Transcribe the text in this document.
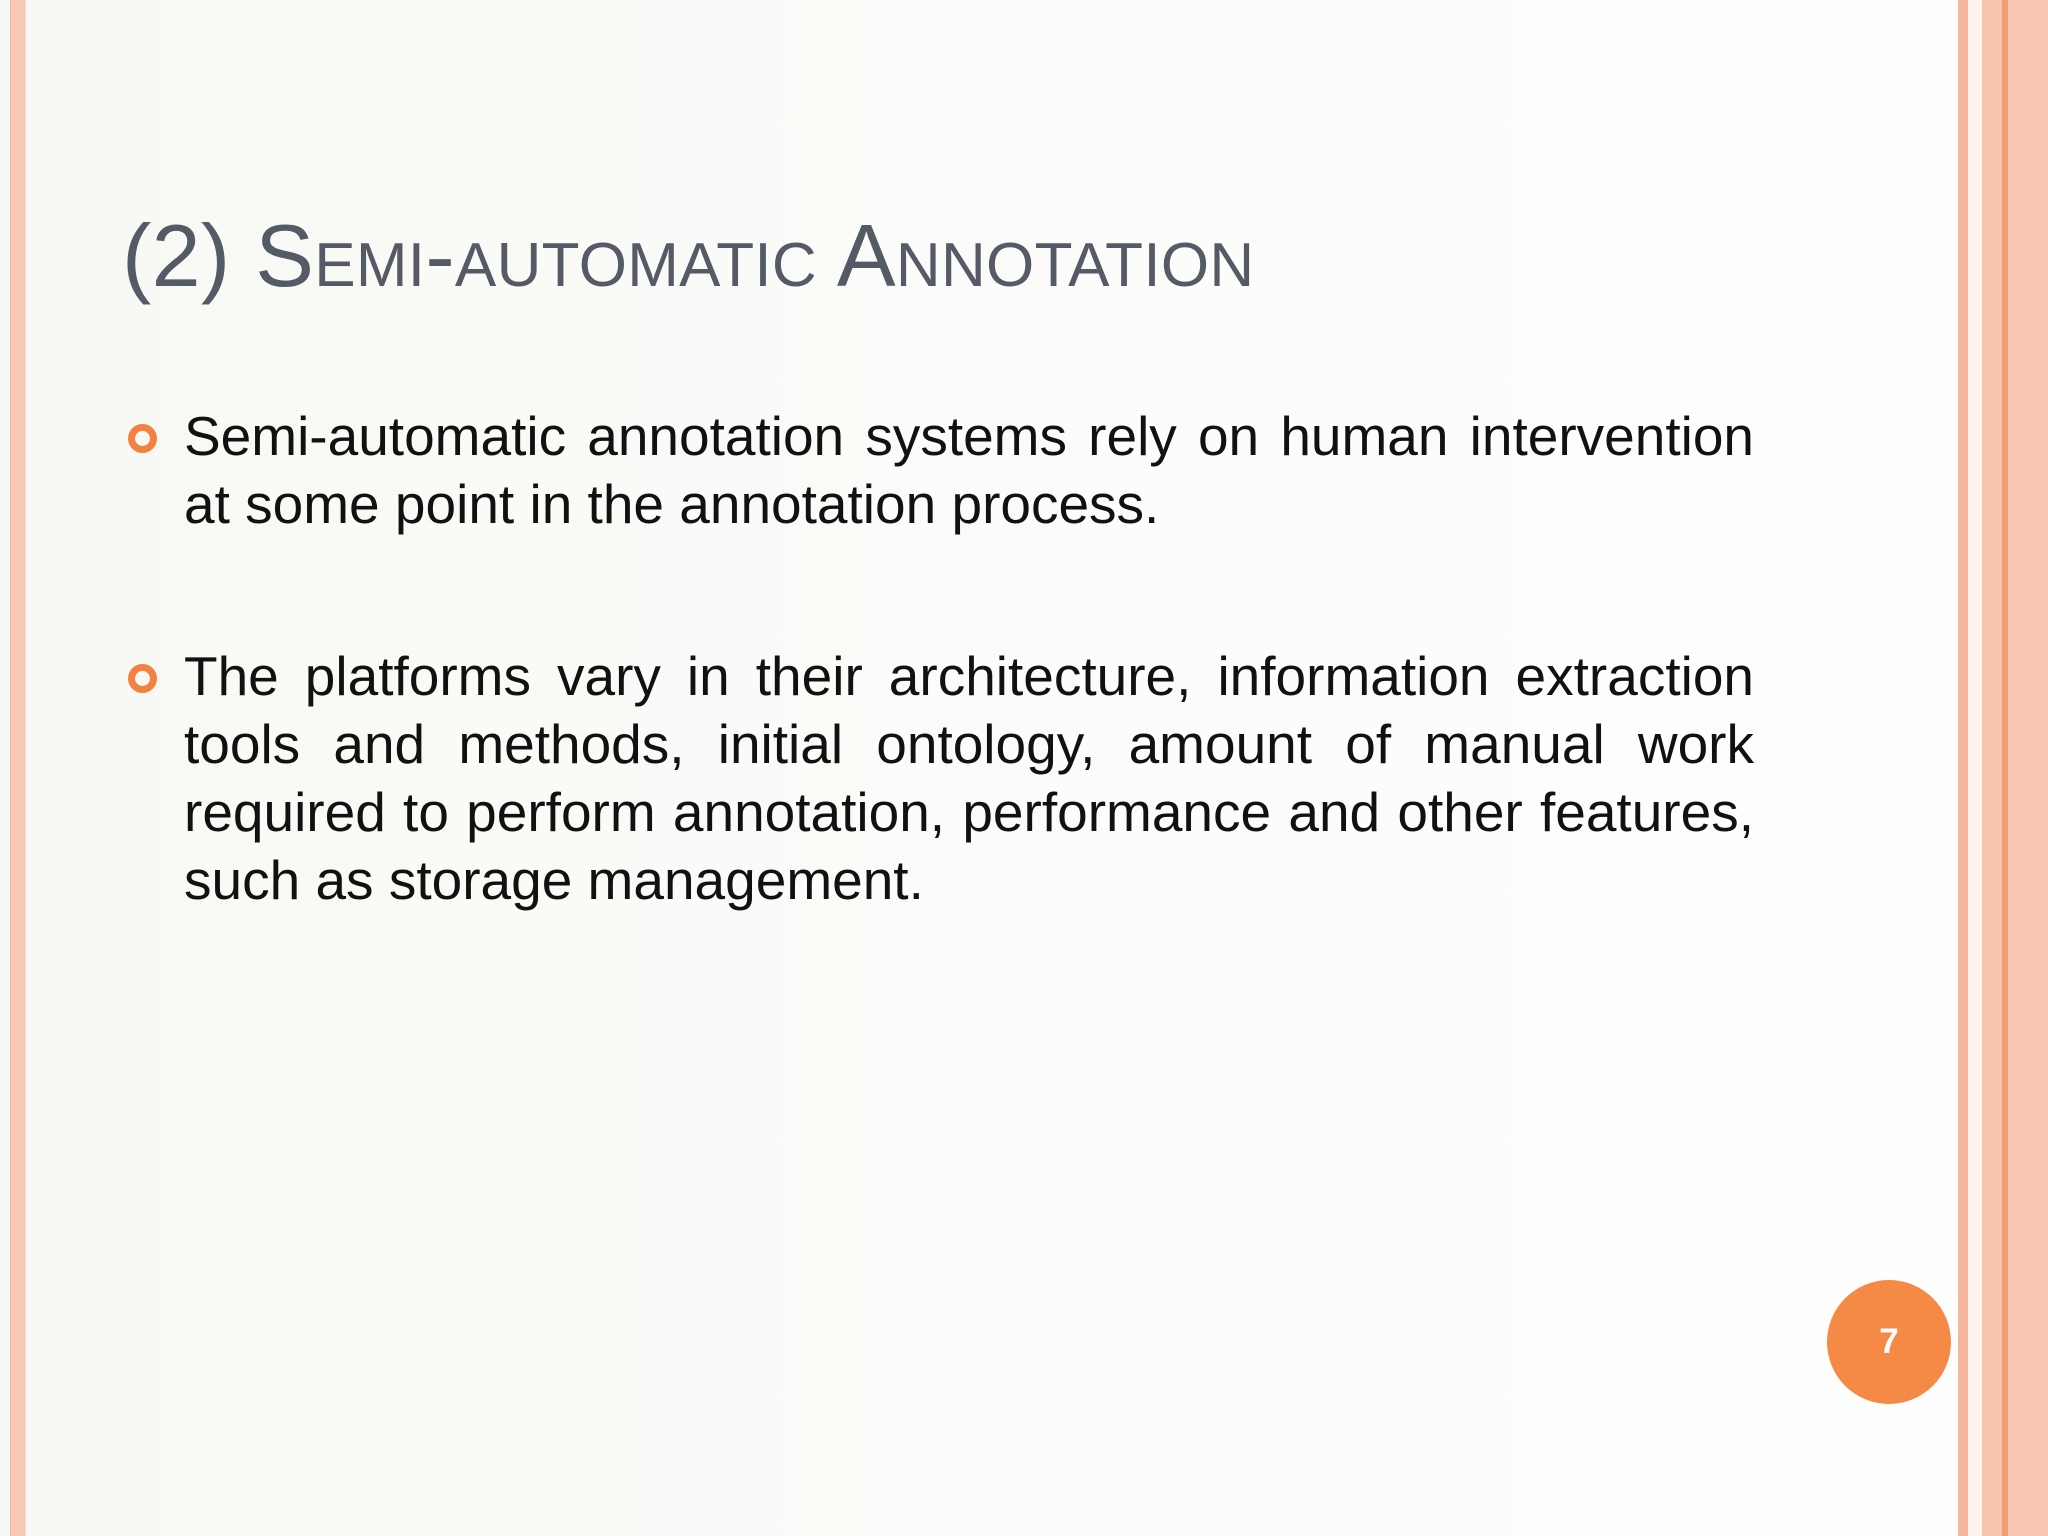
(2) Semi-automatic Annotation

Semi-automatic annotation systems rely on human intervention at some point in the annotation process.

The platforms vary in their architecture, information extraction tools and methods, initial ontology, amount of manual work required to perform annotation, performance and other features, such as storage management.

7
